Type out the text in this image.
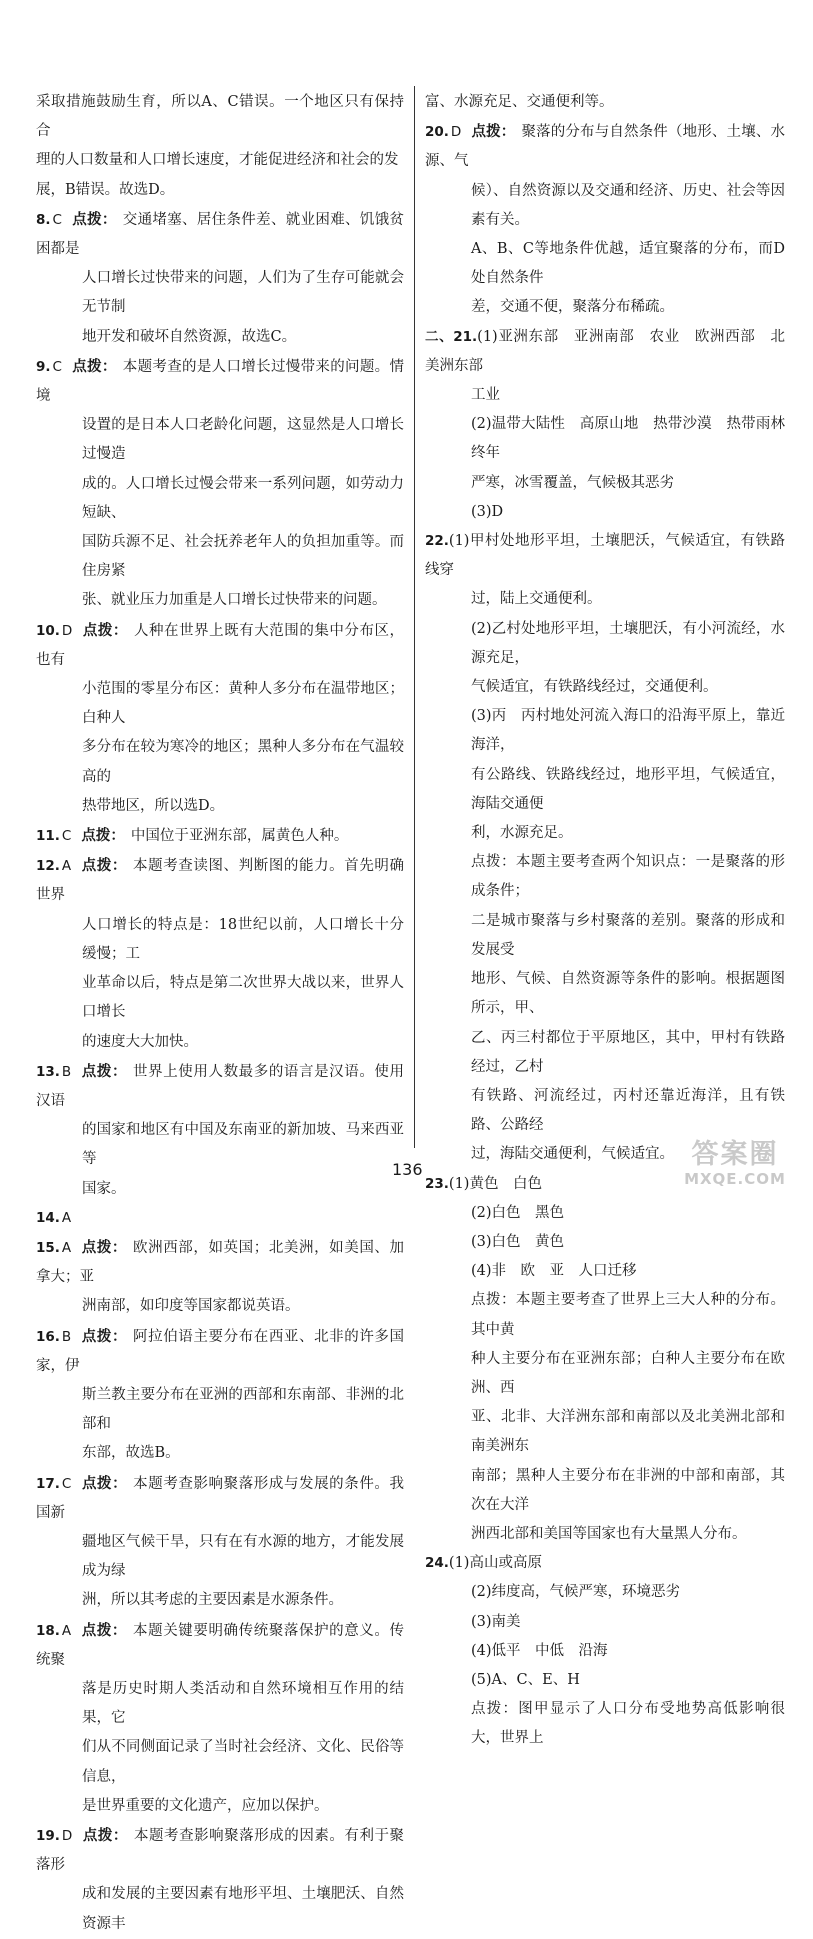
采取措施鼓励生育，所以A、C错误。一个地区只有保持合
理的人口数量和人口增长速度，才能促进经济和社会的发
展，B错误。故选D。
8. C 点拨： 交通堵塞、居住条件差、就业困难、饥饿贫困都是
人口增长过快带来的问题，人们为了生存可能就会无节制
地开发和破坏自然资源，故选C。
9. C 点拨： 本题考查的是人口增长过慢带来的问题。情境
设置的是日本人口老龄化问题，这显然是人口增长过慢造
成的。人口增长过慢会带来一系列问题，如劳动力短缺、
国防兵源不足、社会抚养老年人的负担加重等。而住房紧
张、就业压力加重是人口增长过快带来的问题。
10. D 点拨： 人种在世界上既有大范围的集中分布区，也有
小范围的零星分布区：黄种人多分布在温带地区；白种人
多分布在较为寒冷的地区；黑种人多分布在气温较高的
热带地区，所以选D。
11. C 点拨： 中国位于亚洲东部，属黄色人种。
12. A 点拨： 本题考查读图、判断图的能力。首先明确世界
人口增长的特点是：18世纪以前，人口增长十分缓慢；工
业革命以后，特点是第二次世界大战以来，世界人口增长
的速度大大加快。
13. B 点拨： 世界上使用人数最多的语言是汉语。使用汉语
的国家和地区有中国及东南亚的新加坡、马来西亚等
国家。
14. A
15. A 点拨： 欧洲西部，如英国；北美洲，如美国、加拿大；亚
洲南部，如印度等国家都说英语。
16. B 点拨： 阿拉伯语主要分布在西亚、北非的许多国家，伊
斯兰教主要分布在亚洲的西部和东南部、非洲的北部和
东部，故选B。
17. C 点拨： 本题考查影响聚落形成与发展的条件。我国新
疆地区气候干旱，只有在有水源的地方，才能发展成为绿
洲，所以其考虑的主要因素是水源条件。
18. A 点拨： 本题关键要明确传统聚落保护的意义。传统聚
落是历史时期人类活动和自然环境相互作用的结果，它
们从不同侧面记录了当时社会经济、文化、民俗等信息，
是世界重要的文化遗产，应加以保护。
19. D 点拨： 本题考查影响聚落形成的因素。有利于聚落形
成和发展的主要因素有地形平坦、土壤肥沃、自然资源丰
富、水源充足、交通便利等。
20. D 点拨： 聚落的分布与自然条件（地形、土壤、水源、气
候）、自然资源以及交通和经济、历史、社会等因素有关。
A、B、C等地条件优越，适宜聚落的分布，而D处自然条件
差，交通不便，聚落分布稀疏。
二、21.(1)亚洲东部　亚洲南部　农业　欧洲西部　北美洲东部
工业
(2)温带大陆性　高原山地　热带沙漠　热带雨林　终年
严寒，冰雪覆盖，气候极其恶劣
(3)D
22.(1)甲村处地形平坦，土壤肥沃，气候适宜，有铁路线穿
过，陆上交通便利。
(2)乙村处地形平坦，土壤肥沃，有小河流经，水源充足，
气候适宜，有铁路线经过，交通便利。
(3)丙　丙村地处河流入海口的沿海平原上，靠近海洋，
有公路线、铁路线经过，地形平坦，气候适宜，海陆交通便
利，水源充足。
点拨：本题主要考查两个知识点：一是聚落的形成条件；
二是城市聚落与乡村聚落的差别。聚落的形成和发展受
地形、气候、自然资源等条件的影响。根据题图所示，甲、
乙、丙三村都位于平原地区，其中，甲村有铁路经过，乙村
有铁路、河流经过，丙村还靠近海洋，且有铁路、公路经
过，海陆交通便利，气候适宜。
23.(1)黄色　白色
(2)白色　黑色
(3)白色　黄色
(4)非　欧　亚　人口迁移
点拨：本题主要考查了世界上三大人种的分布。其中黄
种人主要分布在亚洲东部；白种人主要分布在欧洲、西
亚、北非、大洋洲东部和南部以及北美洲北部和南美洲东
南部；黑种人主要分布在非洲的中部和南部，其次在大洋
洲西北部和美国等国家也有大量黑人分布。
24.(1)高山或高原
(2)纬度高，气候严寒，环境恶劣
(3)南美
(4)低平　中低　沿海
(5)A、C、E、H
点拨：图甲显示了人口分布受地势高低影响很大，世界上
136	答案圈
MXQE.COM
